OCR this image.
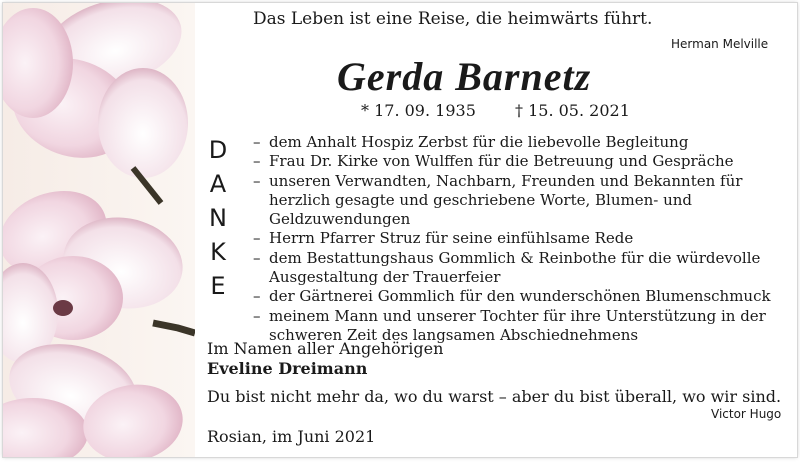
Das Leben ist eine Reise, die heimwärts führt.
Herman Melville
Gerda Barnetz
* 17. 09. 1935 † 15. 05. 2021
D
A
N
K
E
– dem Anhalt Hospiz Zerbst für die liebevolle Begleitung
– Frau Dr. Kirke von Wulffen für die Betreuung und Gespräche
– unseren Verwandten, Nachbarn, Freunden und Bekannten für herzlich gesagte und geschriebene Worte, Blumen- und Geldzuwendungen
– Herrn Pfarrer Struz für seine einfühlsame Rede
– dem Bestattungshaus Gommlich & Reinbothe für die würdevolle Ausgestaltung der Trauerfeier
– der Gärtnerei Gommlich für den wunderschönen Blumenschmuck
– meinem Mann und unserer Tochter für ihre Unterstützung in der schweren Zeit des langsamen Abschiednehmens
Im Namen aller Angehörigen
Eveline Dreimann
Du bist nicht mehr da, wo du warst – aber du bist überall, wo wir sind.
Victor Hugo
Rosian, im Juni 2021
